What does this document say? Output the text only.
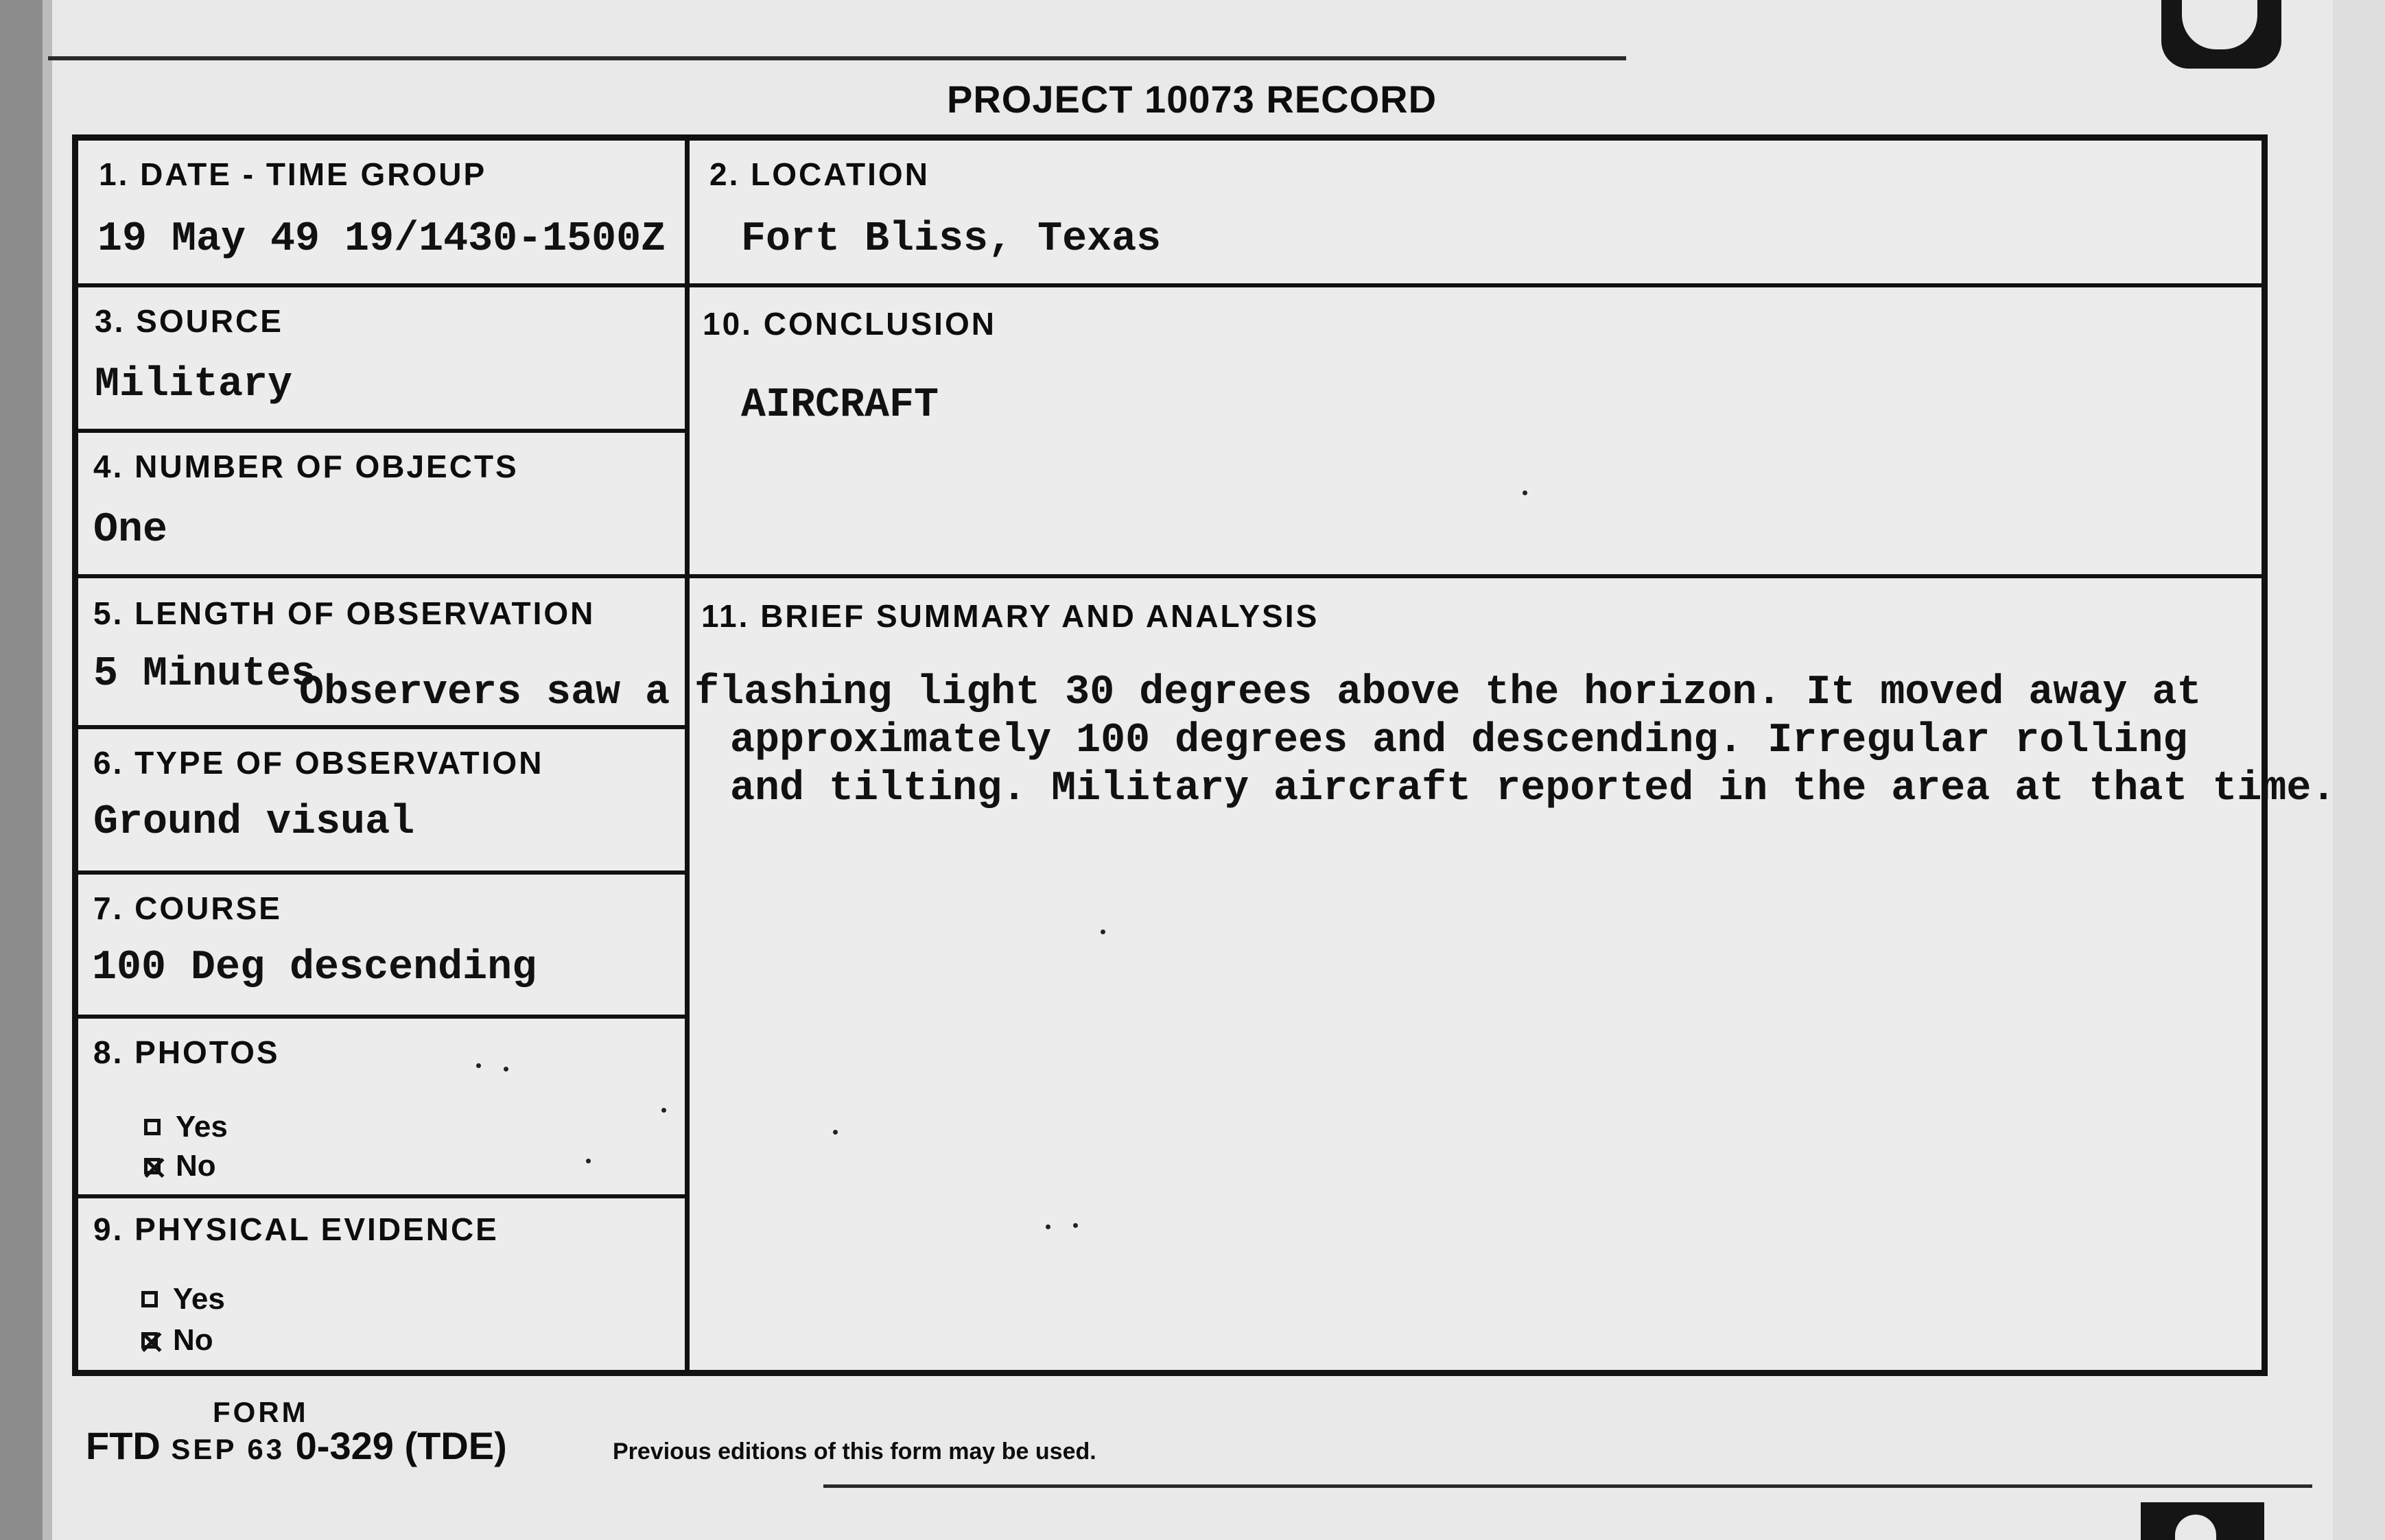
PROJECT 10073 RECORD
1. DATE - TIME GROUP
19 May 49 19/1430-1500Z
2. LOCATION
Fort Bliss, Texas
3. SOURCE
Military
4. NUMBER OF OBJECTS
One
5. LENGTH OF OBSERVATION
5 Minutes
6. TYPE OF OBSERVATION
Ground visual
7. COURSE
100 Deg descending
8. PHOTOS
Yes
No
9. PHYSICAL EVIDENCE
Yes
No
10. CONCLUSION
AIRCRAFT
11. BRIEF SUMMARY AND ANALYSIS
Observers saw a flashing light 30 degrees above the horizon. It moved away at
approximately 100 degrees and descending. Irregular rolling
and tilting. Military aircraft reported in the area at that time.
FORM
FTD SEP 63 0-329 (TDE)	Previous editions of this form may be used.
